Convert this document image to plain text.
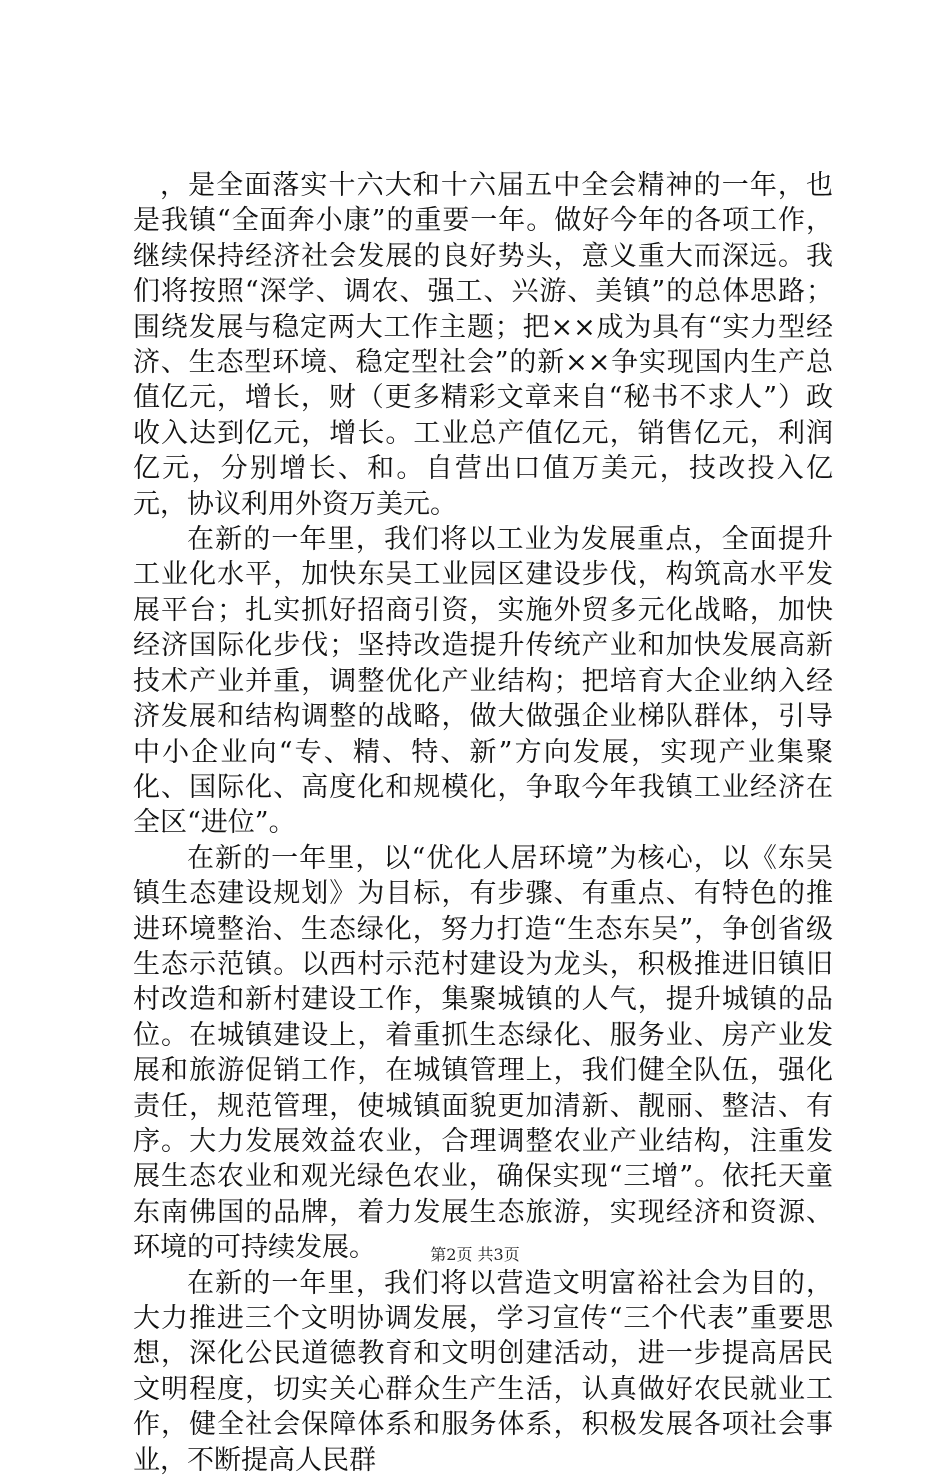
，是全面落实十六大和十六届五中全会精神的一年，也是我镇“全面奔小康”的重要一年。做好今年的各项工作，继续保持经济社会发展的良好势头，意义重大而深远。我们将按照“深学、调农、强工、兴游、美镇”的总体思路；围绕发展与稳定两大工作主题；把××成为具有“实力型经济、生态型环境、稳定型社会”的新××争实现国内生产总值亿元，增长，财（更多精彩文章来自“秘书不求人”）政收入达到亿元，增长。工业总产值亿元，销售亿元，利润亿元，分别增长、和。自营出口值万美元，技改投入亿元，协议利用外资万美元。

在新的一年里，我们将以工业为发展重点，全面提升工业化水平，加快东吴工业园区建设步伐，构筑高水平发展平台；扎实抓好招商引资，实施外贸多元化战略，加快经济国际化步伐；坚持改造提升传统产业和加快发展高新技术产业并重，调整优化产业结构；把培育大企业纳入经济发展和结构调整的战略，做大做强企业梯队群体，引导中小企业向“专、精、特、新”方向发展，实现产业集聚化、国际化、高度化和规模化，争取今年我镇工业经济在全区“进位”。

在新的一年里，以“优化人居环境”为核心，以《东吴镇生态建设规划》为目标，有步骤、有重点、有特色的推进环境整治、生态绿化，努力打造“生态东吴”，争创省级生态示范镇。以西村示范村建设为龙头，积极推进旧镇旧村改造和新村建设工作，集聚城镇的人气，提升城镇的品位。在城镇建设上，着重抓生态绿化、服务业、房产业发展和旅游促销工作，在城镇管理上，我们健全队伍，强化责任，规范管理，使城镇面貌更加清新、靓丽、整洁、有序。大力发展效益农业，合理调整农业产业结构，注重发展生态农业和观光绿色农业，确保实现“三增”。依托天童东南佛国的品牌，着力发展生态旅游，实现经济和资源、环境的可持续发展。

在新的一年里，我们将以营造文明富裕社会为目的，大力推进三个文明协调发展，学习宣传“三个代表”重要思想，深化公民道德教育和文明创建活动，进一步提高居民文明程度，切实关心群众生产生活，认真做好农民就业工作，健全社会保障体系和服务体系，积极发展各项社会事业，不断提高人民群

第2页 共3页
